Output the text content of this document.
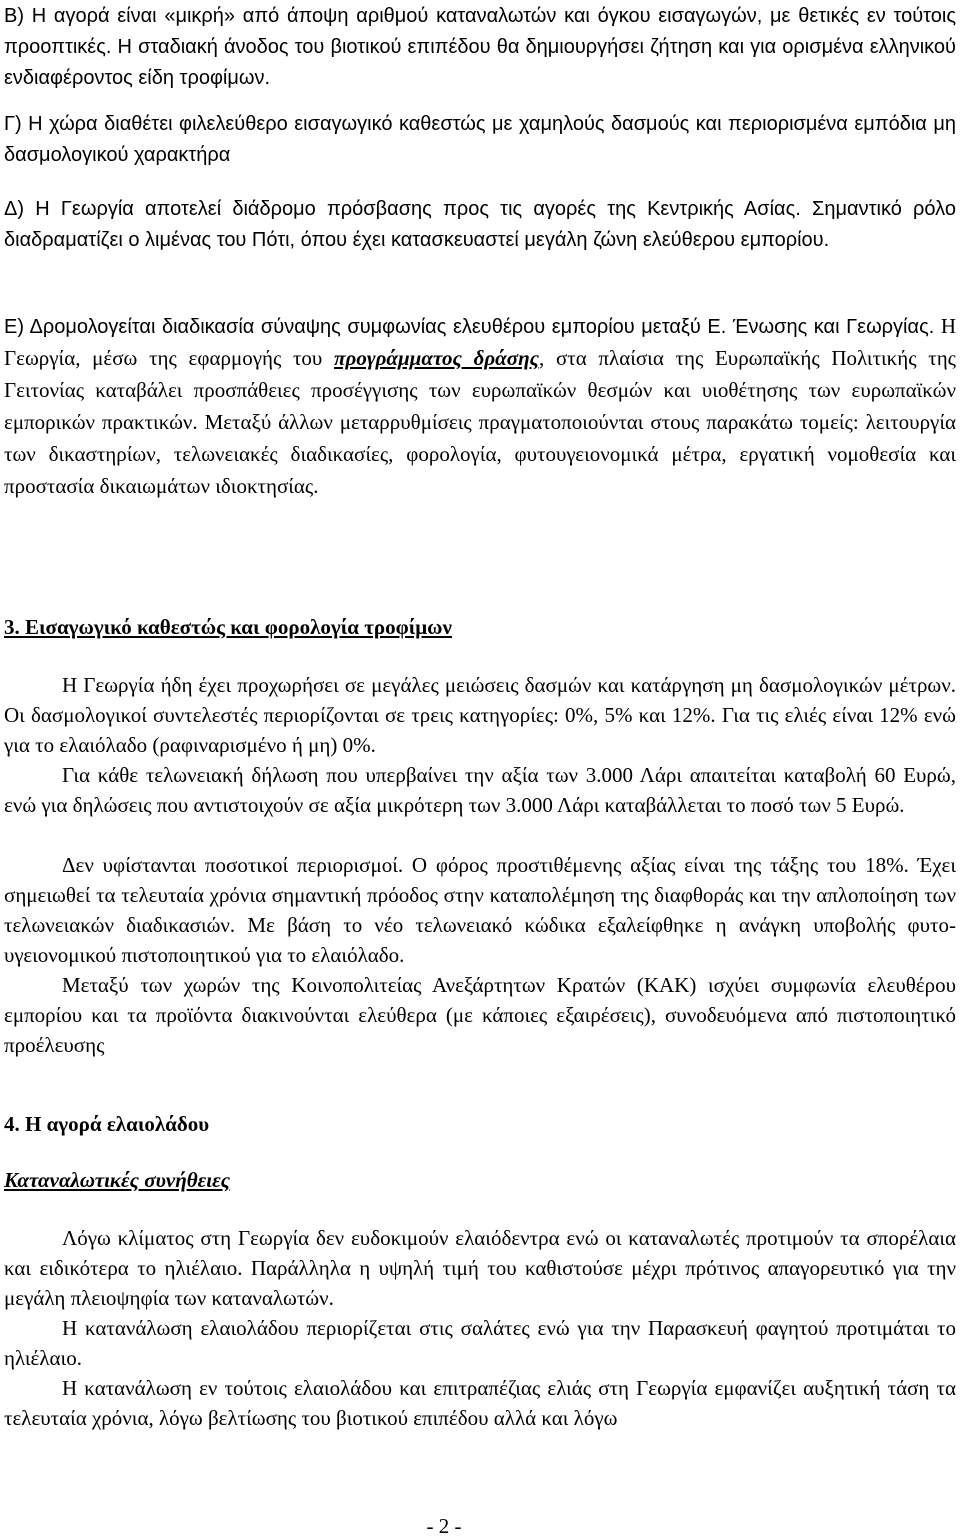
Β) Η αγορά είναι «μικρή» από άποψη αριθμού καταναλωτών και όγκου εισαγωγών, με θετικές εν τούτοις προοπτικές. Η σταδιακή άνοδος του βιοτικού επιπέδου θα δημιουργήσει ζήτηση και για ορισμένα ελληνικού ενδιαφέροντος είδη τροφίμων.

Γ) Η χώρα διαθέτει φιλελεύθερο εισαγωγικό καθεστώς με χαμηλούς δασμούς και περιορισμένα εμπόδια μη δασμολογικού χαρακτήρα

Δ) Η Γεωργία αποτελεί διάδρομο πρόσβασης προς τις αγορές της Κεντρικής Ασίας. Σημαντικό ρόλο διαδραματίζει ο λιμένας του Πότι, όπου έχει κατασκευαστεί μεγάλη ζώνη ελεύθερου εμπορίου.

Ε) Δρομολογείται διαδικασία σύναψης συμφωνίας ελευθέρου εμπορίου μεταξύ Ε. Ένωσης και Γεωργίας. Η Γεωργία, μέσω της εφαρμογής του προγράμματος δράσης, στα πλαίσια της Ευρωπαϊκής Πολιτικής της Γειτονίας καταβάλει προσπάθειες προσέγγισης των ευρωπαϊκών θεσμών και υιοθέτησης των ευρωπαϊκών εμπορικών πρακτικών. Μεταξύ άλλων μεταρρυθμίσεις πραγματοποιούνται στους παρακάτω τομείς: λειτουργία των δικαστηρίων, τελωνειακές διαδικασίες, φορολογία, φυτουγειονομικά μέτρα, εργατική νομοθεσία και προστασία δικαιωμάτων ιδιοκτησίας.

3. Εισαγωγικό καθεστώς και φορολογία τροφίμων

Η Γεωργία ήδη έχει προχωρήσει σε μεγάλες μειώσεις δασμών και κατάργηση μη δασμολογικών μέτρων. Οι δασμολογικοί συντελεστές περιορίζονται σε τρεις κατηγορίες: 0%, 5% και 12%. Για τις ελιές είναι 12% ενώ για το ελαιόλαδο (ραφιναρισμένο ή μη) 0%.

Για κάθε τελωνειακή δήλωση που υπερβαίνει την αξία των 3.000 Λάρι απαιτείται καταβολή 60 Ευρώ, ενώ για δηλώσεις που αντιστοιχούν σε αξία μικρότερη των 3.000 Λάρι καταβάλλεται το ποσό των 5 Ευρώ.

Δεν υφίστανται ποσοτικοί περιορισμοί. Ο φόρος προστιθέμενης αξίας είναι της τάξης του 18%. Έχει σημειωθεί τα τελευταία χρόνια σημαντική πρόοδος στην καταπολέμηση της διαφθοράς και την απλοποίηση των τελωνειακών διαδικασιών. Με βάση το νέο τελωνειακό κώδικα εξαλείφθηκε η ανάγκη υποβολής φυτο-υγειονομικού πιστοποιητικού για το ελαιόλαδο.

Μεταξύ των χωρών της Κοινοπολιτείας Ανεξάρτητων Κρατών (ΚΑΚ) ισχύει συμφωνία ελευθέρου εμπορίου και τα προϊόντα διακινούνται ελεύθερα (με κάποιες εξαιρέσεις), συνοδευόμενα από πιστοποιητικό προέλευσης

4. Η αγορά ελαιολάδου

Καταναλωτικές συνήθειες

Λόγω κλίματος στη Γεωργία δεν ευδοκιμούν ελαιόδεντρα ενώ οι καταναλωτές προτιμούν τα σπορέλαια και ειδικότερα το ηλιέλαιο. Παράλληλα η υψηλή τιμή του καθιστούσε μέχρι πρότινος απαγορευτικό για την μεγάλη πλειοψηφία των καταναλωτών.

Η κατανάλωση ελαιολάδου περιορίζεται στις σαλάτες ενώ για την Παρασκευή φαγητού προτιμάται το ηλιέλαιο.

Η κατανάλωση εν τούτοις ελαιολάδου και επιτραπέζιας ελιάς στη Γεωργία εμφανίζει αυξητική τάση τα τελευταία χρόνια, λόγω βελτίωσης του βιοτικού επιπέδου αλλά και λόγω

- 2 -
